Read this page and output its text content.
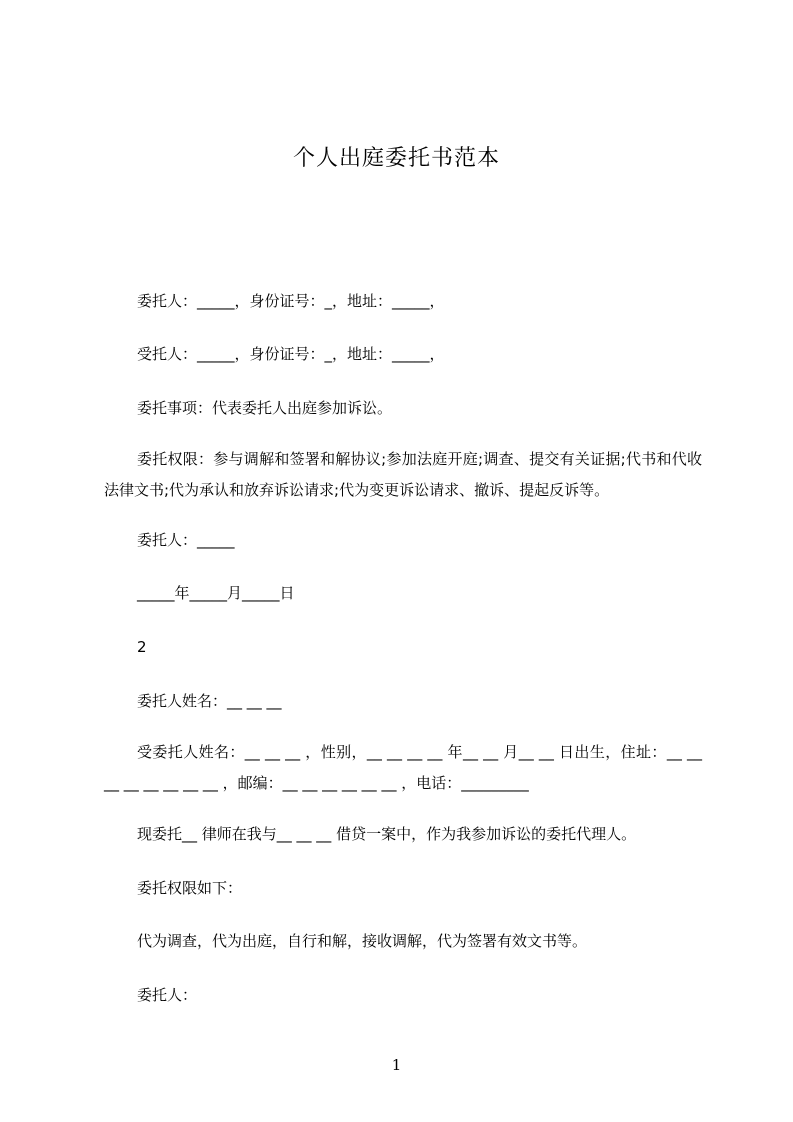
个人出庭委托书范本
委托人：_____，身份证号：_，地址：_____，
受托人：_____，身份证号：_，地址：_____，
委托事项：代表委托人出庭参加诉讼。
委托权限：参与调解和签署和解协议;参加法庭开庭;调查、提交有关证据;代书和代收法律文书;代为承认和放弃诉讼请求;代为变更诉讼请求、撤诉、提起反诉等。
委托人：_____
_____年_____月_____日
2
委托人姓名：__ __ __
受委托人姓名：__ __ __ ，性别，__ __ __ __ 年__ __ 月__ __ 日出生，住址：__ __ __ __ __ __ __ __ ，邮编：__ __ __ __ __ __ ，电话：_________
现委托__ 律师在我与__ __ __ 借贷一案中，作为我参加诉讼的委托代理人。
委托权限如下：
代为调查，代为出庭，自行和解，接收调解，代为签署有效文书等。
委托人：
1
